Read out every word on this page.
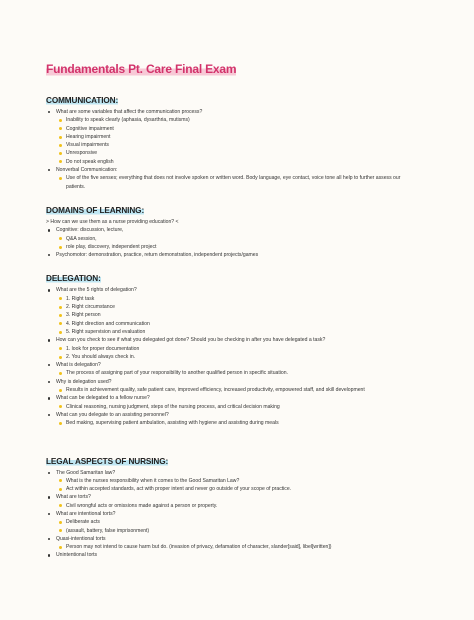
Fundamentals Pt. Care Final Exam
COMMUNICATION:
What are some variables that affect the communication process?
Inability to speak clearly (aphasia, dysarthria, mutisms)
Cognitive impairment
Hearing impairment
Visual impairments
Unresponsive
Do not speak english
Nonverbal Communication:
Use of the five senses; everything that does not involve spoken or written word. Body language, eye contact, voice tone all help to further assess our
patients.
DOMAINS OF LEARNING:
> How can we use them as a nurse providing education? <
Cognitive: discussion, lecture,
Q&A session,
role play, discovery, independent project
Psychomotor: demonstration, practice, return demonstration, independent projects/games
DELEGATION:
What are the 5 rights of delegation?
1. Right task
2. Right circumstance
3. Right person
4. Right direction and communication
5. Right supervision and evaluation
How can you check to see if what you delegated got done? Should you be checking in after you have delegated a task?
1. look for proper documentation
2. You should always check in.
What is delegation?
The process of assigning part of your responsibility to another qualified person in specific situation.
Why is delegation used?
Results in achievement quality, safe patient care, improved efficiency, increased productivity, empowered staff, and skill development
What can be delegated to a fellow nurse?
Clinical reasoning, nursing judgment, steps of the nursing process, and critical decision making
What can you delegate to an assisting personnel?
Bed making, supervising patient ambulation, assisting with hygiene and assisting during meals
LEGAL ASPECTS OF NURSING:
The Good Samaritan law?
What is the nurses responsibility when it comes to the Good Samaritan Law?
Act within accepted standards, act with proper intent and never go outside of your scope of practice.
What are torts?
Civil wrongful acts or omissions made against a person or property.
What are intentional torts?
Deliberate acts
(assault, battery, false imprisonment)
Quasi-intentional torts
Person may not intend to cause harm but do. (invasion of privacy, defamation of character, slander[said], libel[written])
Unintentional torts
